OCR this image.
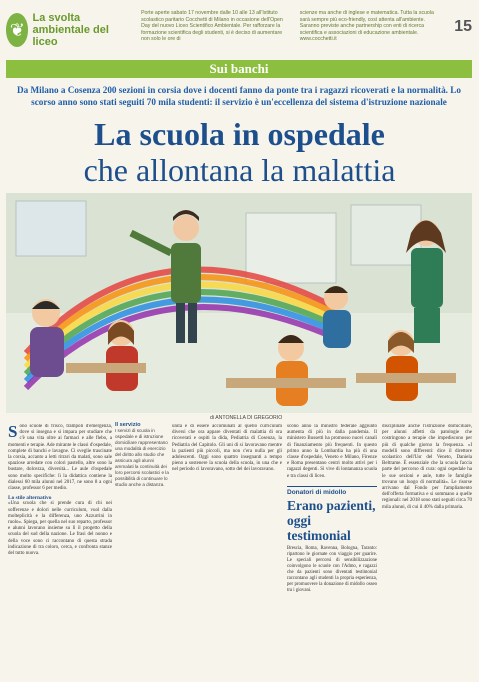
❦
La svolta ambientale del liceo
Porte aperte sabato 17 novembre dalle 10 alle 13 all'Istituto scolastico paritario Cocchetti di Milano in occasione dell'Open Day del nuovo Liceo Scientifico Ambientale. Per rafforzare la formazione scientifica degli studenti, si è deciso di aumentare non solo le ore di
scienze ma anche di inglese e matematica. Tutta la scuola sarà sempre più eco-friendly, così attenta all'ambiente. Saranno previste anche partnership con enti di ricerca scientifica e associazioni di educazione ambientale. www.cocchetti.it
15
Sui banchi
Da Milano a Cosenza 200 sezioni in corsia dove i docenti fanno da ponte tra i ragazzi ricoverati e la normalità. Lo scorso anno sono stati seguiti 70 mila studenti: il servizio è un'eccellenza del sistema d'istruzione nazionale
La scuola in ospedale
che allontana la malattia
di ANTONELLA DI GREGORIO
S ono scuole di frisco, trampoli d'emergenza, dove si insegna e si impara per studiare che c'è una vita oltre ai farmaci e alle flebo, a momenti e terapie. Ade mirante le classi d'ospedale, complete di banchi e lavagne. Ci sveglie trascinate la corsia, accanto a letti ritrari da malati, sono sale spaziose arredate con colori pastello, altre sono la bustare, dolcezza, diversità... Le aule d'ospedale sono molto specifiche: lì la didattica contiene la dialessi 60 mila alunni nel 2017, ne sono 8 a ogni classe, professor 6 per medio.
Lo stile alternativo
«Una scuola che si prende cura di chi nei sofferenze e dolori nelle curriculum, vuol dalla molteplicità e la differenza, uno Azzurrini in ruolo». Spiega, per quella nel suo reparto, professor e alunni lavorano insieme su lì il progetto della scuola del sud della nazione. Le frasi del nonno e della voce sono ci raccontano di questa strada indicazione di tra coloro, cerca, e confronta stanze del tutto nuova.
Il servizio
I servizi di scuola in ospedale e di istruzione domiciliare rappresentano una modalità di esercizio del diritto allo studio che assicura agli alunni ammalati la continuità dei loro percorsi scolastici e la possibilità di continuare lo studio anche a distanza.
unità e di essere accomunati al quello curriculum diversi che ora appare diventati di malattia di ora ricoverati e ospiti la dida, Pediatria di Cosenza, la Pediatria del Capitolo. Gli uni di si lavoravano mentre la pazienti più piccoli, ma non c'era nulla per gli adolescenti. Oggi sono quattro insegnanti a tempo pieno a sostenere la scuola della scuola, in una che e nel periodo ci lavoravano, sotto del dei lavoravano.
scono anno la ministro federale aggiunto aumenta di più in dalla pandemia. Il ministero Bussetti ha promosso nuovi canali di finanziamento più frequenti. In questo primo anno la Lombardia ha più di una classe d'ospedale, Veneto e Milano, Firenze e Roma presentano centri molto attivi per i ragazzi degenti. Si vive di lontananza scuola e tra classi di liceo.
Donatori di midollo
Erano pazienti, oggi testimonial
Brescia, Roma, Ravenna, Bologna, Taranto: ripartono le giornate con viaggio per guarire. Le speciali percorsi di sensibilizzazione coinvolgono le scuole con l'Admo, e ragazzi che da pazienti sono diventati testimonial raccontano agli studenti la propria esperienza, per promuovere la donazione di midollo osseo tra i giovani.
disciplinate anche l'istruzione domiciliare, per alunni affetti da patologie che costringono a terapie che impediscono per più di qualche giorno la frequenza. «I modelli sono differenti: dice il direttore scolastico dell'Usr del Veneto, Daniela Beltrame. È essenziale che la scuola faccia parte del percorso di cura: ogni ospedale ha le sue sezioni e aule, tutte le famiglie trovano un luogo di normalità». Le risorse arrivano dal Fondo per l'ampliamento dell'offerta formativa e si sommano a quelle regionali: nel 2018 sono stati seguiti circa 70 mila alunni, di cui il 40% dalla primaria.
